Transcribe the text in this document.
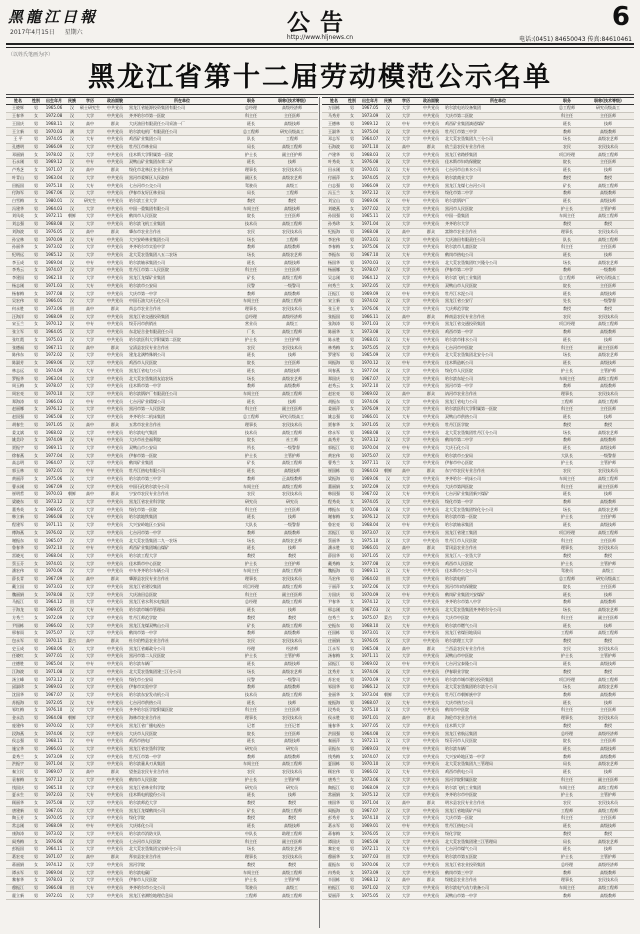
黑龍江日報
2017年4月15日 星期六	公告
http://www.hljnews.cn
6
电话:(0451) 84650043 传真:84610461
（以姓氏笔画为序）
黑龙江省第十二届劳动模范公示名单
姓名	性别	出生年月	民族	学历	政治面貌	所在单位	职务	职称(技术等级)
王晓辉	男	1965.06	汉	硕士研究生	中共党员	黑龙江省能源投资集团有限公司	总经理	高级经济师
王春华	女	1972.08	汉	大学	中共党员	齐齐哈尔市第一医院	科主任	主任医师
王国庆	男	1968.11	汉	高中	群众	大庆油田有限责任公司采油一厂	班长	高级技师
王立新	男	1970.03	满	大学	中共党员	哈尔滨电机厂有限责任公司	总工程师	研究员级高工
王 平	男	1974.05	汉	大专	中共党员	鸡西矿业集团公司	队长	工程师
孔德明	男	1966.09	汉	大学	中共党员	牡丹江市林业局	局长	高级工程师
邓丽娟	女	1978.02	汉	大学	中共党员	佳木斯大学附属第一医院	护士长	副主任护师
石永刚	男	1969.12	汉	中专	中共党员	双鸭山矿业集团东荣二矿	班长	技师
卢秀芝	女	1971.07	汉	高中	群众	绥化市北林区农业合作社	理事长	农民技术员
叶青山	男	1963.04	汉	大学	中共党员	黑河市爱辉区人民政府	副区长	高级农艺师
田振国	男	1975.10	汉	大专	中共党员	七台河市公交公司	驾驶员	高级工
付海军	男	1967.06	汉	大学	中共党员	伊春市友好区林业局	局长	工程师
白雪梅	女	1980.01	汉	研究生	中共党员	哈尔滨工业大学	教授	教授
冯建华	男	1964.03	汉	大学	中共党员	中国一重集团有限公司	车间主任	高级技师
刘凤英	女	1972.11	朝鲜	大学	中共党员	鹤岗市人民医院	院长	主任医师
刘志强	男	1968.08	汉	大学	中共党员	哈尔滨飞机工业集团	技术员	高级工程师
刘海波	男	1976.05	汉	高中	群众	肇东市农业合作社	农民	农民技术员
孙宝林	男	1970.09	汉	大专	中共党员	大兴安岭林业集团公司	场长	工程师
孙丽华	女	1973.02	汉	大学	中共党员	齐齐哈尔市实验中学	教师	高级教师
纪明远	男	1965.12	汉	大学	中共党员	北大荒农垦集团八五二农场	场长	高级农艺师
李玉成	男	1969.04	汉	中专	中共党员	哈尔滨轴承集团公司	班长	高级技师
李秀云	女	1974.07	汉	大学	中共党员	牡丹江市第二人民医院	科主任	主任医师
李建国	男	1962.10	汉	大学	中共党员	黑龙江龙煤矿业集团	矿长	高级工程师
杨志刚	男	1971.03	汉	大专	中共党员	哈尔滨市公安局	民警	一级警司
杨春梅	女	1977.08	汉	大学	中共党员	大庆市第一中学	教师	高级教师
吴宏伟	男	1966.01	汉	大学	中共党员	中国石油大庆石化公司	车间主任	高级工程师
何永胜	男	1973.06	回	高中	群众	尚志市农业合作社	理事长	农民技术员
汪海洋	男	1968.09	汉	大学	中共党员	黑龙江省交通投资集团	总经理	高级经济师
宋玉兰	女	1970.12	汉	中专	中共党员	绥芬河市供销社	营业员	高级工
张立军	男	1964.05	汉	大学	中共党员	东北轻合金有限责任公司	厂长	高级工程师
张红霞	女	1975.03	汉	大学	中共党员	哈尔滨医科大学附属第二医院	护士长	主任护师
张德福	男	1967.11	汉	高中	群众	宝清县农民专业合作社	农民	农民技术员
陈伟东	男	1972.02	汉	大学	中共党员	建龙北满特殊钢公司	班长	技师
陈淑芳	女	1969.06	汉	大学	中共党员	鸡西市人民医院	院长	主任医师
林志远	男	1974.09	汉	大专	中共党员	黑龙江省电力公司	班长	高级技师
罗振华	男	1963.04	汉	大学	中共党员	北大荒农垦集团友谊农场	场长	高级农艺师
周玉梅	女	1978.07	汉	大学	中共党员	佳木斯市第一中学	教师	高级教师
周宏亮	男	1970.10	汉	大学	中共党员	哈尔滨锅炉厂有限责任公司	车间主任	高级工程师
郑海涛	男	1966.03	汉	中专	中共党员	七台河矿业精煤公司	班长	技师
赵丽娜	女	1976.12	汉	大学	中共党员	黑河市第一人民医院	科主任	副主任医师
赵国强	男	1965.08	汉	大学	中共党员	齐齐哈尔二机床集团	总工程师	研究员级高工
胡春生	男	1971.05	汉	高中	群众	五常市农业合作社	理事长	农民技术员
姜文斌	男	1968.02	汉	大学	中共党员	哈尔滨电气集团	技术员	高级工程师
姚美玲	女	1974.09	汉	大专	中共党员	大庆市社会福利院	院长	社工师
贾振宇	男	1969.11	汉	大学	中共党员	双鸭山市公安局	所长	一级警督
徐春燕	女	1977.04	汉	大学	中共党员	伊春市第一医院	护士长	主管护师
高志明	男	1964.07	汉	大学	中共党员	鹤岗矿业集团	矿长	高级工程师
郭玉林	男	1972.01	汉	中专	中共党员	牡丹江热电有限公司	班长	高级技师
黄丽萍	女	1975.06	汉	大学	中共党员	哈尔滨市第三中学	教师	正高级教师
曹永刚	男	1967.09	汉	大学	中共党员	中国石化哈尔滨分公司	车间主任	高级工程师
崔明哲	男	1970.03	朝鲜	高中	群众	宁安市农民专业合作社	农民	农民技术员
梁晓东	男	1973.12	汉	大学	中共党员	黑龙江省农业科学院	研究员	研究员
董秀英	女	1969.05	汉	大学	中共党员	绥化市第一医院	科主任	主任医师
韩立新	男	1966.08	汉	大专	中共党员	哈尔滨地铁集团	班长	技师
程建军	男	1971.11	汉	大学	中共党员	大兴安岭地区公安局	大队长	一级警督
傅海燕	女	1976.02	汉	大学	中共党员	七台河市第一中学	教师	高级教师
谢振东	男	1965.07	汉	大学	中共党员	北大荒农垦集团二九一农场	场长	高级农艺师
鲁春华	男	1972.10	汉	中专	中共党员	鸡西矿业集团城山煤矿	班长	技师
雷晓光	男	1968.04	汉	大学	中共党员	哈尔滨工程大学	教授	教授
蔡玉芬	女	1974.01	汉	大学	中共党员	佳木斯市中心医院	护士长	主任护师
潘宏伟	男	1970.06	汉	大学	中共党员	中车齐齐哈尔车辆公司	车间主任	高级工程师
薛长青	男	1967.09	汉	高中	群众	肇源县农民专业合作社	理事长	农民技术员
戴立国	男	1973.03	汉	大学	中共党员	黑龙江省建设集团	项目经理	高级工程师
魏丽娟	女	1978.08	汉	大学	中共党员	大庆油田总医院	科主任	副主任医师
马振江	男	1964.12	回	大学	中共党员	黑龙江省水利水电集团	总经理	高级工程师
于海龙	男	1969.05	汉	大专	中共党员	哈尔滨市城市管理局	班长	技师
方秀兰	女	1972.09	汉	大学	中共党员	牡丹江师范学院	教授	教授
尹国栋	男	1966.02	汉	大学	中共党员	黑龙江龙煤双鸭山公司	矿长	高级工程师
邢春雨	女	1975.07	汉	大学	中共党员	鹤岗市第一中学	教师	高级教师
包永军	男	1970.11	蒙古	高中	群众	杜尔伯特县农业合作社	农民	农民技术员
史玉成	男	1968.06	汉	大学	中共党员	黑龙江省邮政分公司	经理	经济师
任晓红	女	1977.01	汉	大学	中共党员	黑河市第二人民医院	护士长	主管护师
庄德胜	男	1965.04	汉	中专	中共党员	哈尔滨车辆厂	班长	高级技师
江海波	男	1971.08	汉	大学	中共党员	北大荒农垦集团建三江分公司	场长	高级农艺师
汤立峰	男	1973.12	汉	大学	中共党员	绥化市公安局	民警	一级警司
邱淑珍	女	1969.03	汉	大学	中共党员	伊春市实验中学	教师	高级教师
沈国华	男	1967.07	汉	大学	中共党员	哈尔滨东安发动机公司	技术员	高级工程师
苏振海	男	1972.05	汉	大专	中共党员	七台河市供热公司	班长	技师
邹红梅	女	1976.10	汉	大学	中共党员	齐齐哈尔医学院附属医院	科主任	主任医师
金永浩	男	1964.08	朝鲜	大学	中共党员	海林市农业合作社	理事长	农民技术员
庞建伟	男	1970.02	汉	大学	中共党员	黑龙江省广播电视台	记者	主任记者
段海燕	女	1974.06	汉	大学	中共党员	大庆市人民医院	院长	主任医师
侯志强	男	1968.11	汉	中专	中共党员	鸡西市热电厂	班长	高级技师
施宝华	男	1966.03	汉	大学	中共党员	黑龙江省农垦科学院	研究员	研究员
姜秀兰	女	1973.09	汉	大学	中共党员	牡丹江市第一中学	教师	高级教师
洪振宇	男	1971.04	汉	大学	中共党员	哈尔滨量具刃具集团	车间主任	高级工程师
秦立民	男	1969.07	汉	高中	群众	望奎县农民专业合作社	农民	农民技术员
袁春梅	女	1977.12	汉	大学	中共党员	鹤岗市人民医院	护士长	主管护师
钱国庆	男	1965.10	汉	大学	中共党员	黑龙江省林业科学院	研究员	研究员
夏永生	男	1972.03	汉	大专	中共党员	佳木斯电机股份公司	班长	技师
顾丽华	女	1975.08	汉	大学	中共党员	哈尔滨师范大学	教授	教授
唐建新	男	1967.01	汉	大学	中共党员	黑龙江龙煤鹤岗公司	矿长	高级工程师
陶玉芳	女	1970.05	汉	大学	中共党员	绥化学院	教授	教授
常志刚	男	1968.09	汉	中专	中共党员	大庆炼化公司	班长	高级技师
康海涛	男	1973.02	汉	大学	中共党员	哈尔滨市消防支队	中队长	助理工程师
阎秀梅	女	1976.06	汉	大学	中共党员	七台河市人民医院	科主任	副主任医师
彭振国	男	1964.11	汉	大学	中共党员	北大荒农垦集团宝泉岭分公司	场长	高级农艺师
葛宏亮	男	1971.07	汉	高中	群众	拜泉县农业合作社	理事长	农民技术员
蒋丽娟	女	1974.12	汉	大学	中共党员	黑河学院	教授	教授
谭永军	男	1969.04	汉	大学	中共党员	哈尔滨电碳厂	车间主任	高级工程师
黎春华	女	1978.03	汉	大学	中共党员	伊春市人民医院	护士长	主管护师
穆振江	男	1966.08	回	大专	中共党员	齐齐哈尔市公交公司	驾驶员	高级工
霍立新	男	1972.01	汉	大学	中共党员	黑龙江省测绘地理信息局	工程师	高级工程师
姓名	性别	出生年月	民族	学历	政治面貌	所在单位	职务	职称(技术等级)
万国栋	男	1967.05	汉	大学	中共党员	哈尔滨电站设备集团	总工程师	研究员级高工
马秀芳	女	1973.09	汉	大学	中共党员	大庆市第二医院	科主任	主任医师
王德林	男	1969.12	汉	中专	中共党员	鸡西矿业集团滴道煤矿	班长	技师
王淑华	女	1975.04	汉	大学	中共党员	牡丹江市第三中学	教师	高级教师
邓志军	男	1964.07	汉	大学	中共党员	北大荒农垦集团九三分公司	场长	高级农艺师
石海波	男	1971.10	汉	高中	群众	依兰县农民专业合作社	农民	农民技术员
卢建华	男	1968.03	汉	大学	中共党员	黑龙江省路桥集团	项目经理	高级工程师
叶秀英	女	1976.08	汉	大学	中共党员	佳木斯市妇幼保健院	院长	主任医师
田永刚	男	1970.01	汉	大专	中共党员	七台河市自来水公司	班长	技师
付丽萍	女	1974.05	汉	大学	中共党员	哈尔滨商业大学	教授	教授
白志强	男	1966.09	汉	大学	中共党员	黑龙江龙煤七台河公司	矿长	高级工程师
冯玉兰	女	1972.12	汉	大学	中共党员	绥化市第二中学	教师	高级教师
刘宝山	男	1969.06	汉	中专	中共党员	哈尔滨锅炉厂	班长	高级技师
刘晓燕	女	1977.02	汉	大学	中共党员	黑河市人民医院	护士长	主管护师
孙国强	男	1965.11	汉	大学	中共党员	中国一重集团	车间主任	高级工程师
孙秀珍	女	1971.04	汉	大学	中共党员	齐齐哈尔大学	教授	教授
纪振海	男	1968.08	汉	高中	群众	富锦市农业合作社	理事长	农民技术员
李宏伟	男	1973.01	汉	大学	中共党员	大庆油田有限责任公司	队长	高级工程师
李春梅	女	1975.06	汉	大学	中共党员	哈尔滨市儿童医院	科主任	主任医师
李振东	男	1967.10	汉	大专	中共党员	鹤岗市热电公司	班长	技师
杨国华	男	1970.03	汉	大学	中共党员	北大荒农垦集团红兴隆分公司	场长	高级农艺师
杨丽娜	女	1978.07	汉	大学	中共党员	伊春市第二中学	教师	一级教师
吴志刚	男	1964.12	汉	大学	中共党员	哈尔滨飞机工业集团	总工程师	研究员级高工
何秀兰	女	1972.05	汉	大学	中共党员	双鸭山市人民医院	院长	主任医师
汪振江	男	1969.09	汉	中专	中共党员	牡丹江水泥公司	班长	高级技师
宋立新	男	1974.02	汉	大学	中共党员	黑龙江省公安厅	处长	一级警督
张玉芳	女	1976.06	汉	大学	中共党员	大庆师范学院	教授	教授
张振国	男	1966.11	汉	高中	群众	桦南县农民专业合作社	农民	农民技术员
张海涛	男	1971.03	汉	大学	中共党员	黑龙江省交通投资集团	项目经理	高级工程师
陈丽华	女	1973.08	汉	大学	中共党员	鸡西市第一中学	教师	高级教师
陈永胜	男	1968.01	汉	大专	中共党员	哈尔滨市排水公司	班长	技师
林秀梅	女	1975.05	汉	大学	中共党员	七台河市中医院	科主任	副主任医师
罗建军	男	1965.09	汉	大学	中共党员	北大荒农垦集团北安分公司	场长	高级农艺师
周振海	男	1970.12	汉	中专	中共党员	佳木斯造纸公司	班长	高级技师
周春燕	女	1977.04	汉	大学	中共党员	绥化市人民医院	护士长	主管护师
郑国庆	男	1967.07	汉	大学	中共党员	哈尔滨东轻公司	车间主任	高级工程师
赵秀云	女	1972.10	汉	大学	中共党员	黑河市第一中学	教师	高级教师
赵宏亮	男	1969.02	汉	高中	群众	讷河市农业合作社	理事长	农民技术员
胡振东	男	1974.06	汉	大学	中共党员	黑龙江省电力公司	工程师	高级工程师
姜丽萍	女	1976.09	汉	大学	中共党员	哈尔滨医科大学附属第一医院	科主任	主任医师
姚志强	男	1966.01	汉	大专	中共党员	双鸭山市供热公司	班长	技师
贾春华	女	1971.05	汉	大学	中共党员	牡丹江医学院	教授	教授
徐永军	男	1968.08	汉	大学	中共党员	北大荒农垦集团牡丹江分公司	场长	高级农艺师
高秀芳	女	1973.12	汉	大学	中共党员	鹤岗市第二中学	教师	高级教师
郭振江	男	1970.04	汉	中专	中共党员	大庆石化公司	班长	高级技师
黄宏伟	男	1975.07	汉	大学	中共党员	哈尔滨市公安局	大队长	一级警督
曹秀兰	女	1977.11	汉	大学	中共党员	伊春市中心医院	护士长	主管护师
崔国栋	男	1964.03	朝鲜	高中	群众	东宁市农民专业合作社	农民	农民技术员
梁振海	男	1969.06	汉	大学	中共党员	齐齐哈尔一机床公司	车间主任	高级工程师
董丽娟	女	1972.09	汉	大学	中共党员	大庆市第四医院	科主任	副主任医师
韩国强	男	1967.02	汉	大专	中共党员	七台河矿业集团新兴煤矿	班长	技师
程秀英	女	1974.05	汉	大学	中共党员	绥化市第一中学	教师	高级教师
傅振东	男	1970.08	汉	大学	中共党员	北大荒农垦集团绥化分公司	场长	高级农艺师
谢春梅	女	1976.12	汉	大学	中共党员	哈尔滨市第一医院	护士长	主任护师
鲁宏亮	男	1968.04	汉	中专	中共党员	哈尔滨轴承集团	班长	高级技师
雷振江	男	1973.07	汉	大学	中共党员	黑龙江省建工集团	项目经理	高级工程师
蔡丽华	女	1975.10	汉	大学	中共党员	牡丹江市人民医院	科主任	主任医师
潘永胜	男	1966.01	汉	高中	群众	青冈县农业合作社	理事长	农民技术员
薛国华	男	1971.05	汉	大学	中共党员	黑龙江八一农垦大学	教授	教授
戴秀梅	女	1977.08	汉	大学	中共党员	鸡西市人民医院	护士长	主管护师
魏振海	男	1969.11	汉	大专	中共党员	佳木斯市公交公司	驾驶员	高级工
马宏伟	男	1964.02	回	大学	中共党员	哈尔滨电机厂	总工程师	研究员级高工
于丽萍	女	1972.06	汉	大学	中共党员	黑河市妇幼保健院	院长	主任医师
方国庆	男	1970.09	汉	中专	中共党员	鹤岗矿业集团兴安煤矿	班长	技师
尹春华	女	1974.12	汉	大学	中共党员	齐齐哈尔市第八中学	教师	高级教师
邢志刚	男	1967.03	汉	大学	中共党员	北大荒农垦集团齐齐哈尔分公司	场长	高级农艺师
包秀兰	女	1975.07	蒙古	大学	中共党员	大庆市中医院	科主任	副主任医师
史振东	男	1968.10	汉	大专	中共党员	哈尔滨市燃气公司	班长	技师
任国栋	男	1973.01	汉	大学	中共党员	黑龙江省煤田地质局	工程师	高级工程师
庄丽娟	女	1976.05	汉	大学	中共党员	哈尔滨理工大学	教授	教授
江永军	男	1965.08	汉	高中	群众	兰西县农民专业合作社	农民	农民技术员
汤春梅	女	1971.11	汉	大学	中共党员	双鸭山市中医院	护士长	主管护师
邱振江	男	1969.02	汉	中专	中共党员	七台河宝泰隆公司	班长	高级技师
沈秀芳	女	1974.06	汉	大学	中共党员	伊春职业学院	教授	教授
苏宏亮	男	1970.09	汉	大学	中共党员	哈尔滨市城市建设投资集团	项目经理	高级工程师
邹国华	男	1966.12	汉	大学	中共党员	北大荒农垦集团哈尔滨分公司	场长	高级农艺师
金丽华	女	1973.04	朝鲜	大学	中共党员	牡丹江市朝鲜族中学	教师	高级教师
庞振海	男	1968.07	汉	大专	中共党员	大庆市热力公司	班长	技师
段秀英	女	1975.10	汉	大学	中共党员	鹤岗市中医院	科主任	主任医师
侯永胜	男	1971.01	汉	高中	群众	海伦市农业合作社	理事长	农民技术员
施春华	女	1977.05	汉	大学	中共党员	佳木斯大学	教授	教授
洪国强	男	1964.08	汉	大学	中共党员	黑龙江省航运集团	总经理	高级经济师
秦丽萍	女	1972.11	汉	大学	中共党员	绥芬河市人民医院	院长	主任医师
袁振东	男	1969.03	汉	中专	中共党员	哈尔滨车辆厂	班长	高级技师
钱秀梅	女	1974.07	汉	大学	中共党员	大兴安岭地区第一中学	教师	高级教师
夏国栋	男	1970.10	汉	大学	中共党员	北大荒农垦集团九三管理局	局长	高级农艺师
顾宏伟	男	1966.02	汉	大专	中共党员	鸡西市供电公司	班长	技师
唐秀兰	女	1973.06	汉	大学	中共党员	黑河学院附属医院	科主任	副主任医师
陶振江	男	1968.09	汉	大学	中共党员	哈尔滨飞机工业集团	车间主任	高级工程师
常丽娟	女	1975.12	汉	大学	中共党员	齐齐哈尔市中医院	护士长	主管护师
康国华	男	1971.04	汉	高中	群众	明水县农民专业合作社	农民	农民技术员
阎振海	男	1967.07	汉	大学	中共党员	黑龙江省地质矿产局	工程师	高级工程师
彭秀芳	女	1974.10	汉	大学	中共党员	大庆市第一医院	科主任	主任医师
葛永军	男	1969.01	汉	中专	中共党员	牡丹江热电公司	班长	高级技师
蒋春梅	女	1976.05	汉	大学	中共党员	绥化学院	教授	教授
谭国庆	男	1965.08	汉	大学	中共党员	北大荒农垦集团建三江管理局	局长	高级农艺师
黎宏亮	男	1972.11	汉	大专	中共党员	七台河市煤气公司	班长	技师
穆丽华	女	1977.03	回	大学	中共党员	哈尔滨市第五医院	护士长	主管护师
霍振东	男	1970.06	汉	大学	中共党员	黑龙江省农业投资集团	总经理	高级经济师
冉秀英	女	1973.09	汉	大学	中共党员	鹤岗市第三中学	教师	高级教师
辛国栋	男	1968.12	汉	高中	群众	绥棱县农业合作社	理事长	农民技术员
柏振江	男	1971.02	汉	大学	中共党员	哈尔滨电气动力装备公司	车间主任	高级工程师
晏丽萍	女	1975.05	汉	大学	中共党员	双鸭山市第一中学	教师	高级教师
